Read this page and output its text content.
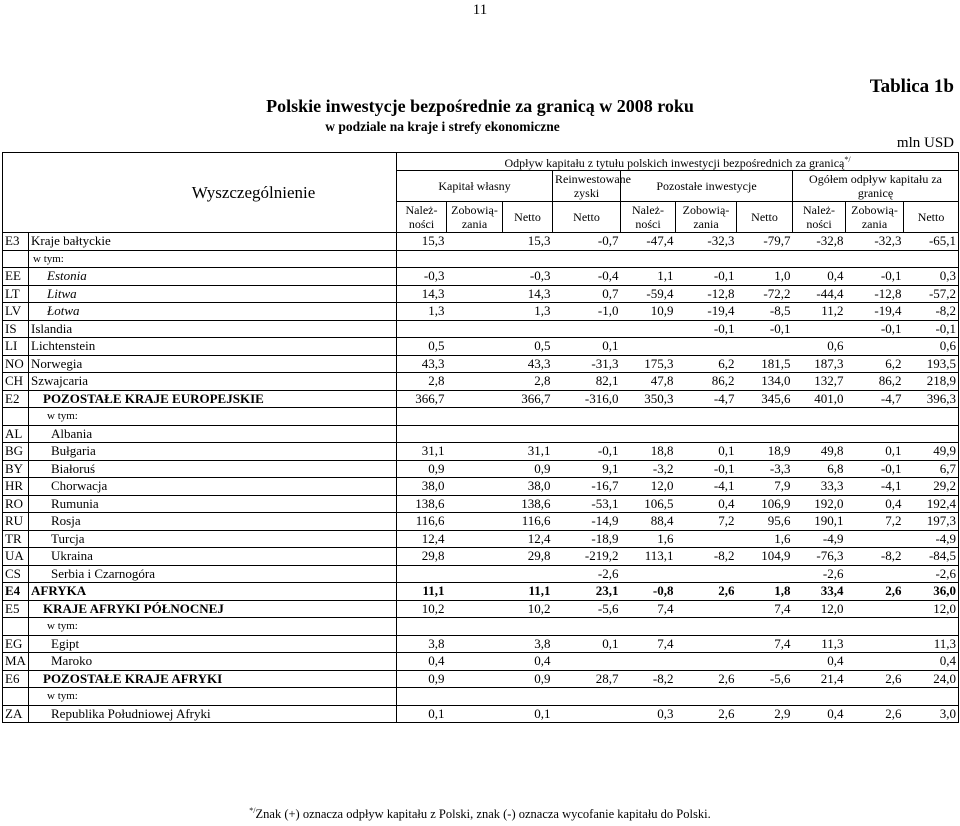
11
Tablica 1b
Polskie inwestycje bezpośrednie za granicą w 2008 roku
w podziale na kraje i strefy ekonomiczne
mln USD
Wyszczególnienie		Odpływ kapitału z tytułu polskich inwestycji bezpośrednich za granicą*/
		Kapitał własny			Reinwestowane zyski	Pozostałe inwestycje			Ogółem odpływ kapitału za granicę		
		Należ-ności	Zobowią-zania	Netto	Netto	Należ-ności	Zobowią-zania	Netto	Należ-ności	Zobowią-zania	Netto
E3	Kraje bałtyckie	15,3		15,3	-0,7	-47,4	-32,3	-79,7	-32,8	-32,3	-65,1
	w tym:										
EE	Estonia	-0,3		-0,3	-0,4	1,1	-0,1	1,0	0,4	-0,1	0,3
LT	Litwa	14,3		14,3	0,7	-59,4	-12,8	-72,2	-44,4	-12,8	-57,2
LV	Łotwa	1,3		1,3	-1,0	10,9	-19,4	-8,5	11,2	-19,4	-8,2
IS	Islandia						-0,1	-0,1		-0,1	-0,1
LI	Lichtenstein	0,5		0,5	0,1				0,6		0,6
NO	Norwegia	43,3		43,3	-31,3	175,3	6,2	181,5	187,3	6,2	193,5
CH	Szwajcaria	2,8		2,8	82,1	47,8	86,2	134,0	132,7	86,2	218,9
E2	POZOSTAŁE KRAJE EUROPEJSKIE	366,7		366,7	-316,0	350,3	-4,7	345,6	401,0	-4,7	396,3
	w tym:										
AL	Albania										
BG	Bułgaria	31,1		31,1	-0,1	18,8	0,1	18,9	49,8	0,1	49,9
BY	Białoruś	0,9		0,9	9,1	-3,2	-0,1	-3,3	6,8	-0,1	6,7
HR	Chorwacja	38,0		38,0	-16,7	12,0	-4,1	7,9	33,3	-4,1	29,2
RO	Rumunia	138,6		138,6	-53,1	106,5	0,4	106,9	192,0	0,4	192,4
RU	Rosja	116,6		116,6	-14,9	88,4	7,2	95,6	190,1	7,2	197,3
TR	Turcja	12,4		12,4	-18,9	1,6		1,6	-4,9		-4,9
UA	Ukraina	29,8		29,8	-219,2	113,1	-8,2	104,9	-76,3	-8,2	-84,5
CS	Serbia i Czarnogóra				-2,6				-2,6		-2,6
E4	AFRYKA	11,1		11,1	23,1	-0,8	2,6	1,8	33,4	2,6	36,0
E5	KRAJE AFRYKI PÓŁNOCNEJ	10,2		10,2	-5,6	7,4		7,4	12,0		12,0
	w tym:										
EG	Egipt	3,8		3,8	0,1	7,4		7,4	11,3		11,3
MA	Maroko	0,4		0,4					0,4		0,4
E6	POZOSTAŁE KRAJE AFRYKI	0,9		0,9	28,7	-8,2	2,6	-5,6	21,4	2,6	24,0
	w tym:										
ZA	Republika Południowej Afryki	0,1		0,1		0,3	2,6	2,9	0,4	2,6	3,0
*/Znak (+) oznacza odpływ kapitału z Polski, znak (-) oznacza wycofanie kapitału do Polski.
